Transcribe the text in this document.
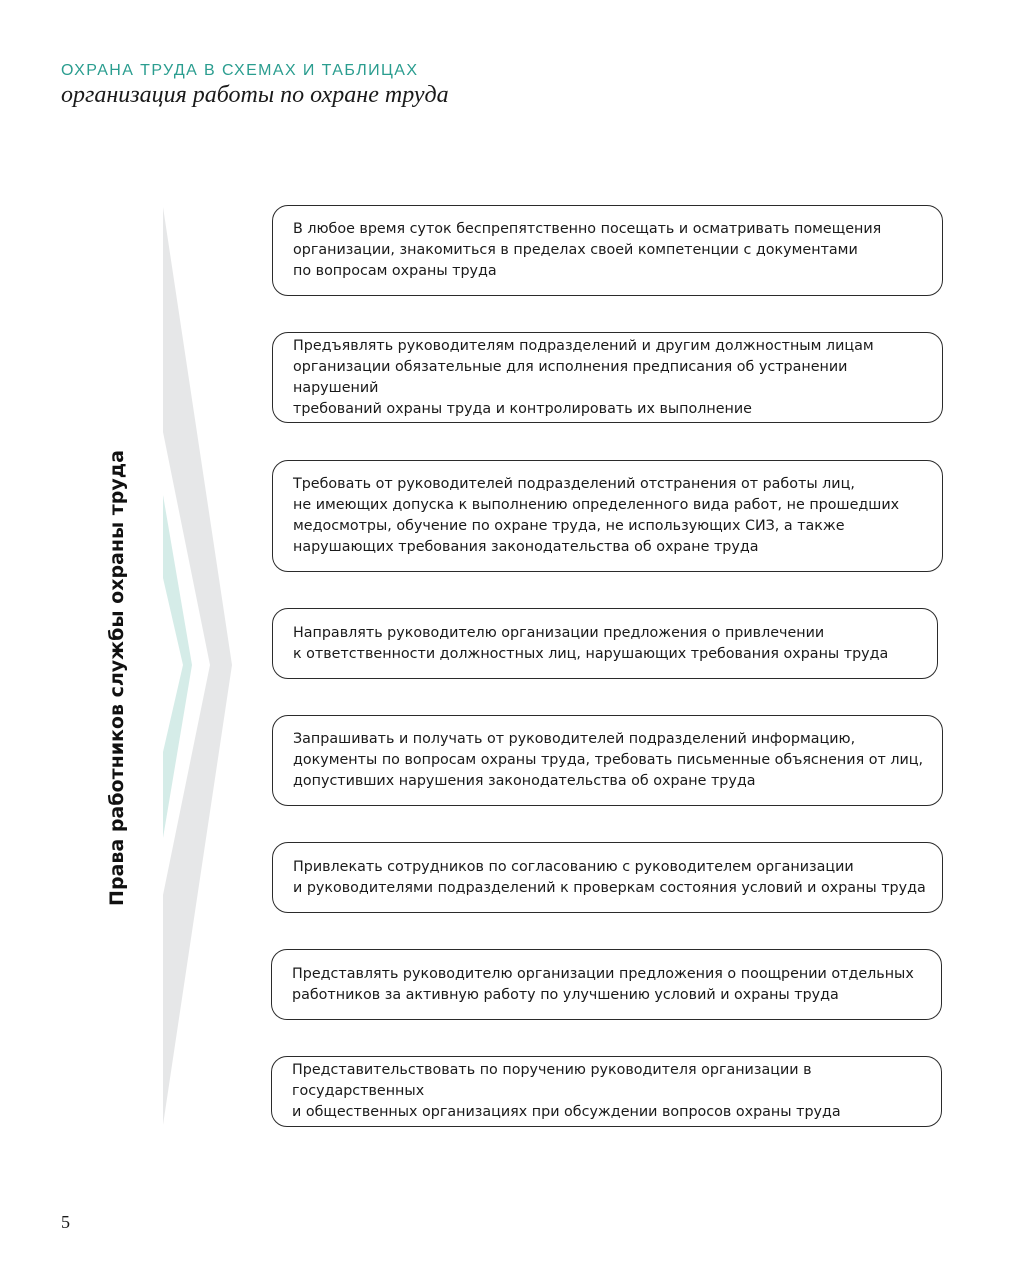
ОХРАНА ТРУДА В СХЕМАХ И ТАБЛИЦАХ
организация работы по охране труда
Права работников службы охраны труда
В любое время суток беспрепятственно посещать и осматривать помещения
организации, знакомиться в пределах своей компетенции с документами
по вопросам охраны труда
Предъявлять руководителям подразделений и другим должностным лицам
организации обязательные для исполнения предписания об устранении нарушений
требований охраны труда и контролировать их выполнение
Требовать от руководителей подразделений отстранения от работы лиц,
не имеющих допуска к выполнению определенного вида работ, не прошедших
медосмотры, обучение по охране труда, не использующих СИЗ, а также
нарушающих требования законодательства об охране труда
Направлять руководителю организации предложения о привлечении
к ответственности должностных лиц, нарушающих требования охраны труда
Запрашивать и получать от руководителей подразделений информацию,
документы по вопросам охраны труда, требовать письменные объяснения от лиц,
допустивших нарушения законодательства об охране труда
Привлекать сотрудников по согласованию с руководителем организации
и руководителями подразделений к проверкам состояния условий и охраны труда
Представлять руководителю организации предложения о поощрении отдельных
работников за активную работу по улучшению условий и охраны труда
Представительствовать по поручению руководителя организации в государственных
и общественных организациях при обсуждении вопросов охраны труда
5
